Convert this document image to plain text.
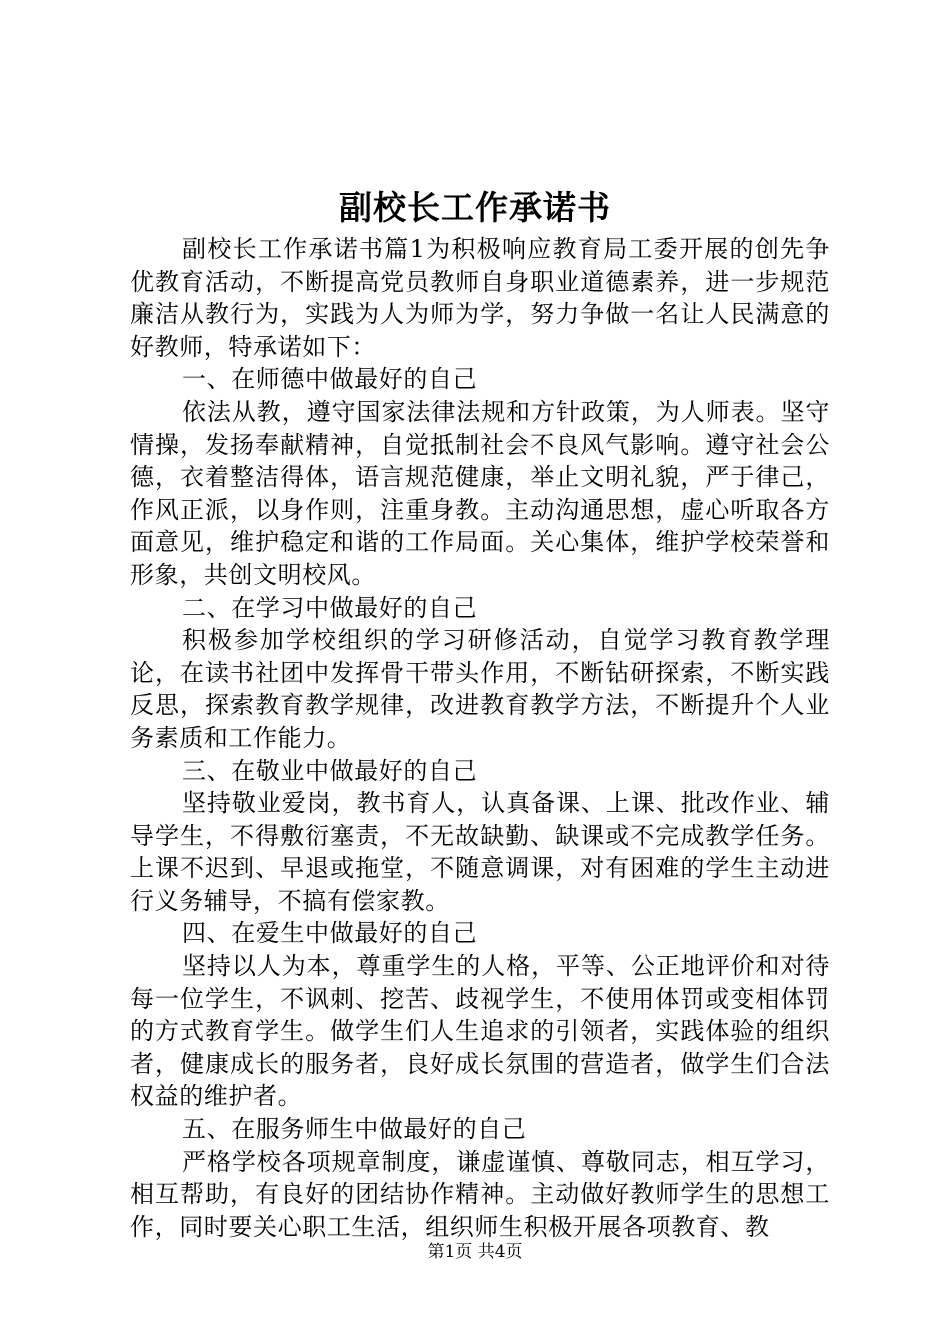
副校长工作承诺书

副校长工作承诺书篇1为积极响应教育局工委开展的创先争优教育活动，不断提高党员教师自身职业道德素养，进一步规范廉洁从教行为，实践为人为师为学，努力争做一名让人民满意的好教师，特承诺如下：

一、在师德中做最好的自己

依法从教，遵守国家法律法规和方针政策，为人师表。坚守情操，发扬奉献精神，自觉抵制社会不良风气影响。遵守社会公德，衣着整洁得体，语言规范健康，举止文明礼貌，严于律己，作风正派，以身作则，注重身教。主动沟通思想，虚心听取各方面意见，维护稳定和谐的工作局面。关心集体，维护学校荣誉和形象，共创文明校风。

二、在学习中做最好的自己

积极参加学校组织的学习研修活动，自觉学习教育教学理论，在读书社团中发挥骨干带头作用，不断钻研探索，不断实践反思，探索教育教学规律，改进教育教学方法，不断提升个人业务素质和工作能力。

三、在敬业中做最好的自己

坚持敬业爱岗，教书育人，认真备课、上课、批改作业、辅导学生，不得敷衍塞责，不无故缺勤、缺课或不完成教学任务。上课不迟到、早退或拖堂，不随意调课，对有困难的学生主动进行义务辅导，不搞有偿家教。

四、在爱生中做最好的自己

坚持以人为本，尊重学生的人格，平等、公正地评价和对待每一位学生，不讽刺、挖苦、歧视学生，不使用体罚或变相体罚的方式教育学生。做学生们人生追求的引领者，实践体验的组织者，健康成长的服务者，良好成长氛围的营造者，做学生们合法权益的维护者。

五、在服务师生中做最好的自己

严格学校各项规章制度，谦虚谨慎、尊敬同志，相互学习，相互帮助，有良好的团结协作精神。主动做好教师学生的思想工作，同时要关心职工生活，组织师生积极开展各项教育、教

第1页 共4页
